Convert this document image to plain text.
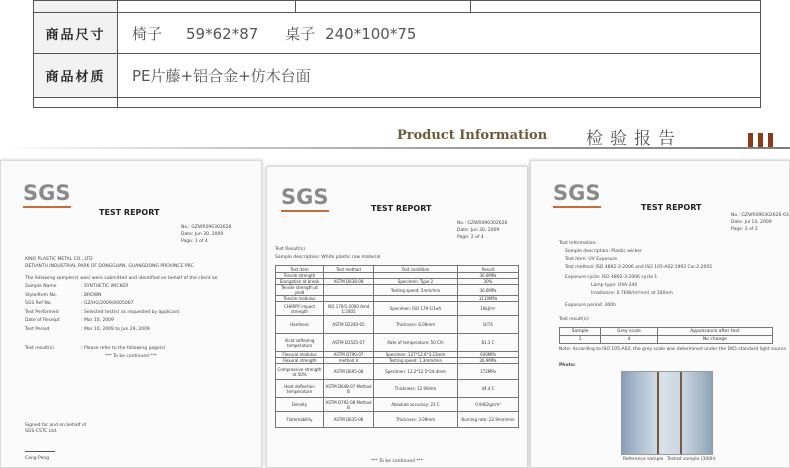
商品尺寸	椅子 59*62*87 桌子 240*100*75
商品材质	PE片藤+铝合金+仿木台面

Product Information 检验报告
SGS
TEST REPORT
No.: GZWR090302626
Date: Jun 30, 2009
Page: 1 of 4
KINO PLASTIC METAL CO., LTD
DETIANTU INDUSTRIAL PARK OF DONGGUAN, GUANGDONG PROVINCE PRC
The following sample(s) was/ were submitted and identified on behalf of the client as:
Sample Name	: SYNTHETIC WICKER
Style/Item No.	: BROWN
SGS Ref No.	: GZ/HG/2009/0005067
Test Performed	: Selected test(s) as requested by applicant
Date of Receipt	: Mar 10, 2009
Test Period	: Mar 10, 2009 to Jun 29, 2009
Test result(s)	: Please refer to the following page(s)
*** To be continued ***
Signed for and on behalf of
SGS-CSTC Ltd.
Cang Peng
SGS	TEST REPORT
No.: GZWR090302626
Date: Jun 30, 2009
Page: 2 of 4
Test Result(s)
Sample description: White plastic raw material
Test item	Test method	Test condition	Result
Tensile strength			30.6MPa
Elongation at break	ASTM D638-08	Specimen: Type 2	30%
Tensile strength at yield		Testing speed: 5mm/min	30.6MPa
Tensile modulus			1110MPa
CHARPY impact strength	ISO 179/1:2000 Amd 1:2005	Specimen: ISO 179-1/1eA	16kJ/m²
Hardness	ASTM D2240-05	Thickness: 6.06mm	D/74
Vicat softening temperature	ASTM D1525-07	Rate of temperature: 50 C/h	81.3 C
Flexural modulus	ASTM D790-07	Specimen: 127*12.6*3.23mm	930MPa
Flexural strength	method A	Testing speed: 1.3mm/min	26.9MPa
Compressive strength at 50%	ASTM D695-08	Specimen: 12.2*12.5*24.4mm	172MPa
Heat deflection temperature	ASTM D648-07 Method B	Thickness: 12.90mm	44.4 C
Density	ASTM D792-08 Method B	Absolute accuracy: 23 C	0.9462g/cm³
Flammability	ASTM D635-06	Thickness: 3.09mm	Burning rate: 22.9mm/min
*** To be continued ***
SGS
TEST REPORT
No.: GZWR090302626-03
Date: Jul 14, 2009
Page: 2 of 2
Test Information:
Sample description: Plastic wicker
Test item: UV Exposure
Test method: ISO 4892-3:2006 and ISO 105-A02:1993 Cor.2:2005
Exposure cycle: ISO 4892-3:2006 cycle 1
Lamp type: UVA-340
Irradiance: 0.76W/(m²nm) at 340nm
Exposure period: 300h
Test result(s):
Sample	Grey scale	Appearance after test
1	4	No change
Note: According to ISO 105-A02, the grey scale was determined under the D65 standard light source.
Photo:
Reference sample Tested sample (300h)
